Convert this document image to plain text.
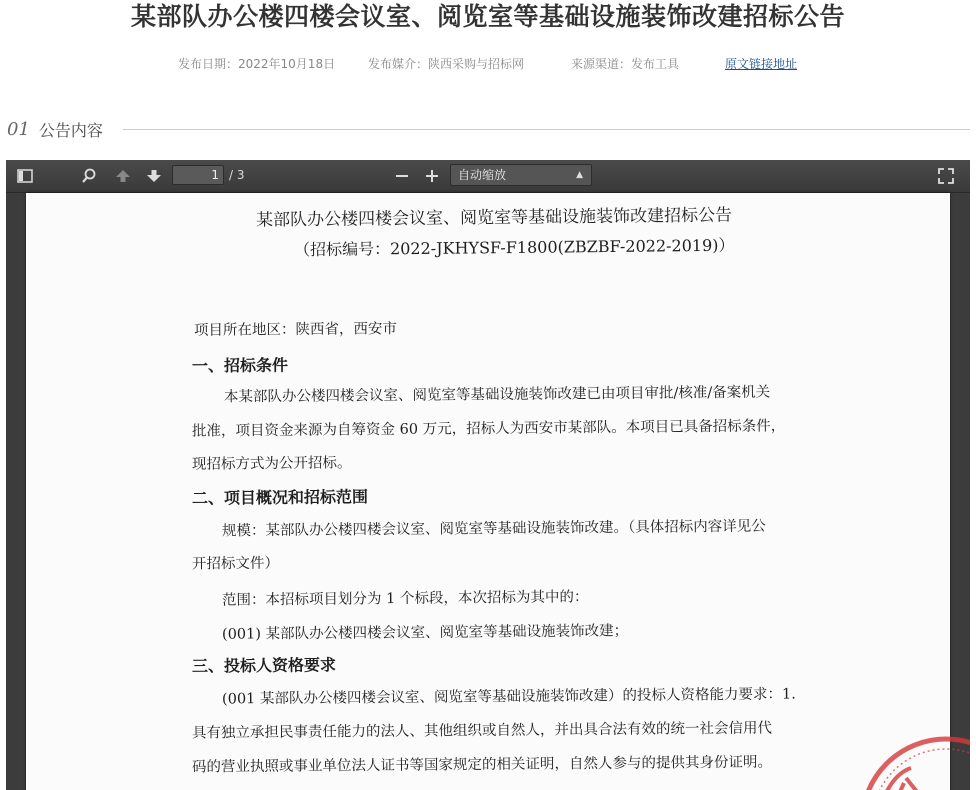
某部队办公楼四楼会议室、阅览室等基础设施装饰改建招标公告
发布日期：2022年10月18日	发布媒介：陕西采购与招标网	来源渠道：发布工具	原文链接地址
01 公告内容
1 / 3	自动缩放	▲

某部队办公楼四楼会议室、阅览室等基础设施装饰改建招标公告
（招标编号：2022-JKHYSF-F1800(ZBZBF-2022-2019)）
项目所在地区：陕西省，西安市
一、招标条件
本某部队办公楼四楼会议室、阅览室等基础设施装饰改建已由项目审批/核准/备案机关
批准，项目资金来源为自筹资金 60 万元，招标人为西安市某部队。本项目已具备招标条件，
现招标方式为公开招标。
二、项目概况和招标范围
规模：某部队办公楼四楼会议室、阅览室等基础设施装饰改建。（具体招标内容详见公
开招标文件）
范围：本招标项目划分为 1 个标段，本次招标为其中的：
(001) 某部队办公楼四楼会议室、阅览室等基础设施装饰改建；
三、投标人资格要求
(001 某部队办公楼四楼会议室、阅览室等基础设施装饰改建）的投标人资格能力要求：1.
具有独立承担民事责任能力的法人、其他组织或自然人，并出具合法有效的统一社会信用代
码的营业执照或事业单位法人证书等国家规定的相关证明，自然人参与的提供其身份证明。
